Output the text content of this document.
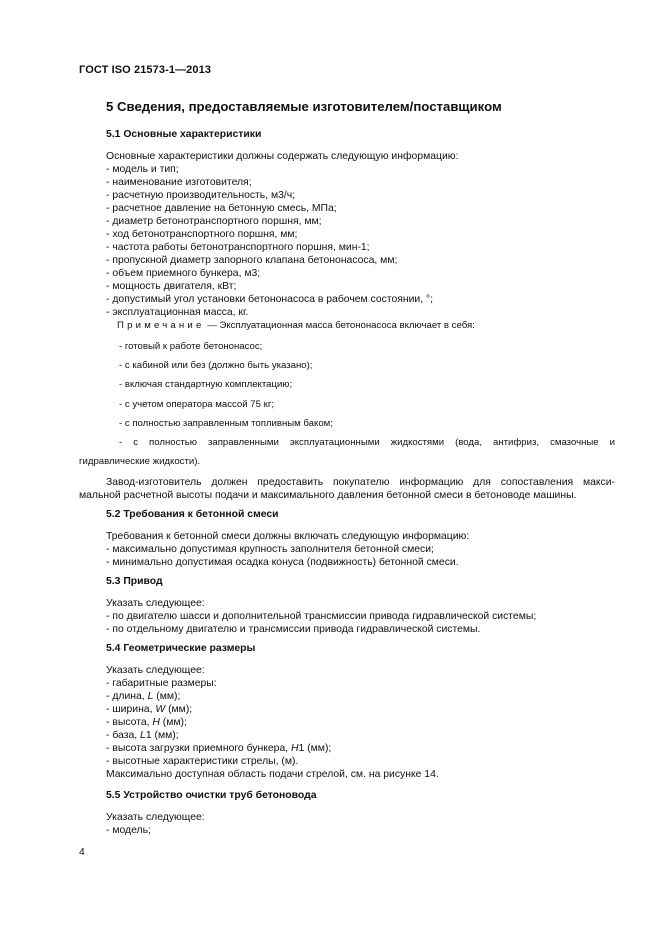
ГОСТ ISO 21573-1—2013
5 Сведения, предоставляемые изготовителем/поставщиком
5.1 Основные характеристики
Основные характеристики должны содержать следующую информацию:
- модель и тип;
- наименование изготовителя;
- расчетную производительность, м3/ч;
- расчетное давление на бетонную смесь, МПа;
- диаметр бетонотранспортного поршня, мм;
- ход бетонотранспортного поршня, мм;
- частота работы бетонотранспортного поршня, мин-1;
- пропускной диаметр запорного клапана бетононасоса, мм;
- объем приемного бункера, м3;
- мощность двигателя, кВт;
- допустимый угол установки бетононасоса в рабочем состоянии, °;
- эксплуатационная масса, кг.
Примечание — Эксплуатационная масса бетононасоса включает в себя:
- готовый к работе бетононасос;
- с кабиной или без (должно быть указано);
- включая стандартную комплектацию;
- с учетом оператора массой 75 кг;
- с полностью заправленным топливным баком;
- с полностью заправленными эксплуатационными жидкостями (вода, антифриз, смазочные и
гидравлические жидкости).
Завод-изготовитель должен предоставить покупателю информацию для сопоставления макси-
мальной расчетной высоты подачи и максимального давления бетонной смеси в бетоноводе машины.
5.2 Требования к бетонной смеси
Требования к бетонной смеси должны включать следующую информацию:
- максимально допустимая крупность заполнителя бетонной смеси;
- минимально допустимая осадка конуса (подвижность) бетонной смеси.
5.3 Привод
Указать следующее:
- по двигателю шасси и дополнительной трансмиссии привода гидравлической системы;
- по отдельному двигателю и трансмиссии привода гидравлической системы.
5.4 Геометрические размеры
Указать следующее:
- габаритные размеры:
- длина, L (мм);
- ширина, W (мм);
- высота, H (мм);
- база, L1 (мм);
- высота загрузки приемного бункера, H1 (мм);
- высотные характеристики стрелы, (м).
Максимально доступная область подачи стрелой, см. на рисунке 14.
5.5 Устройство очистки труб бетоновода
Указать следующее:
- модель;
4
